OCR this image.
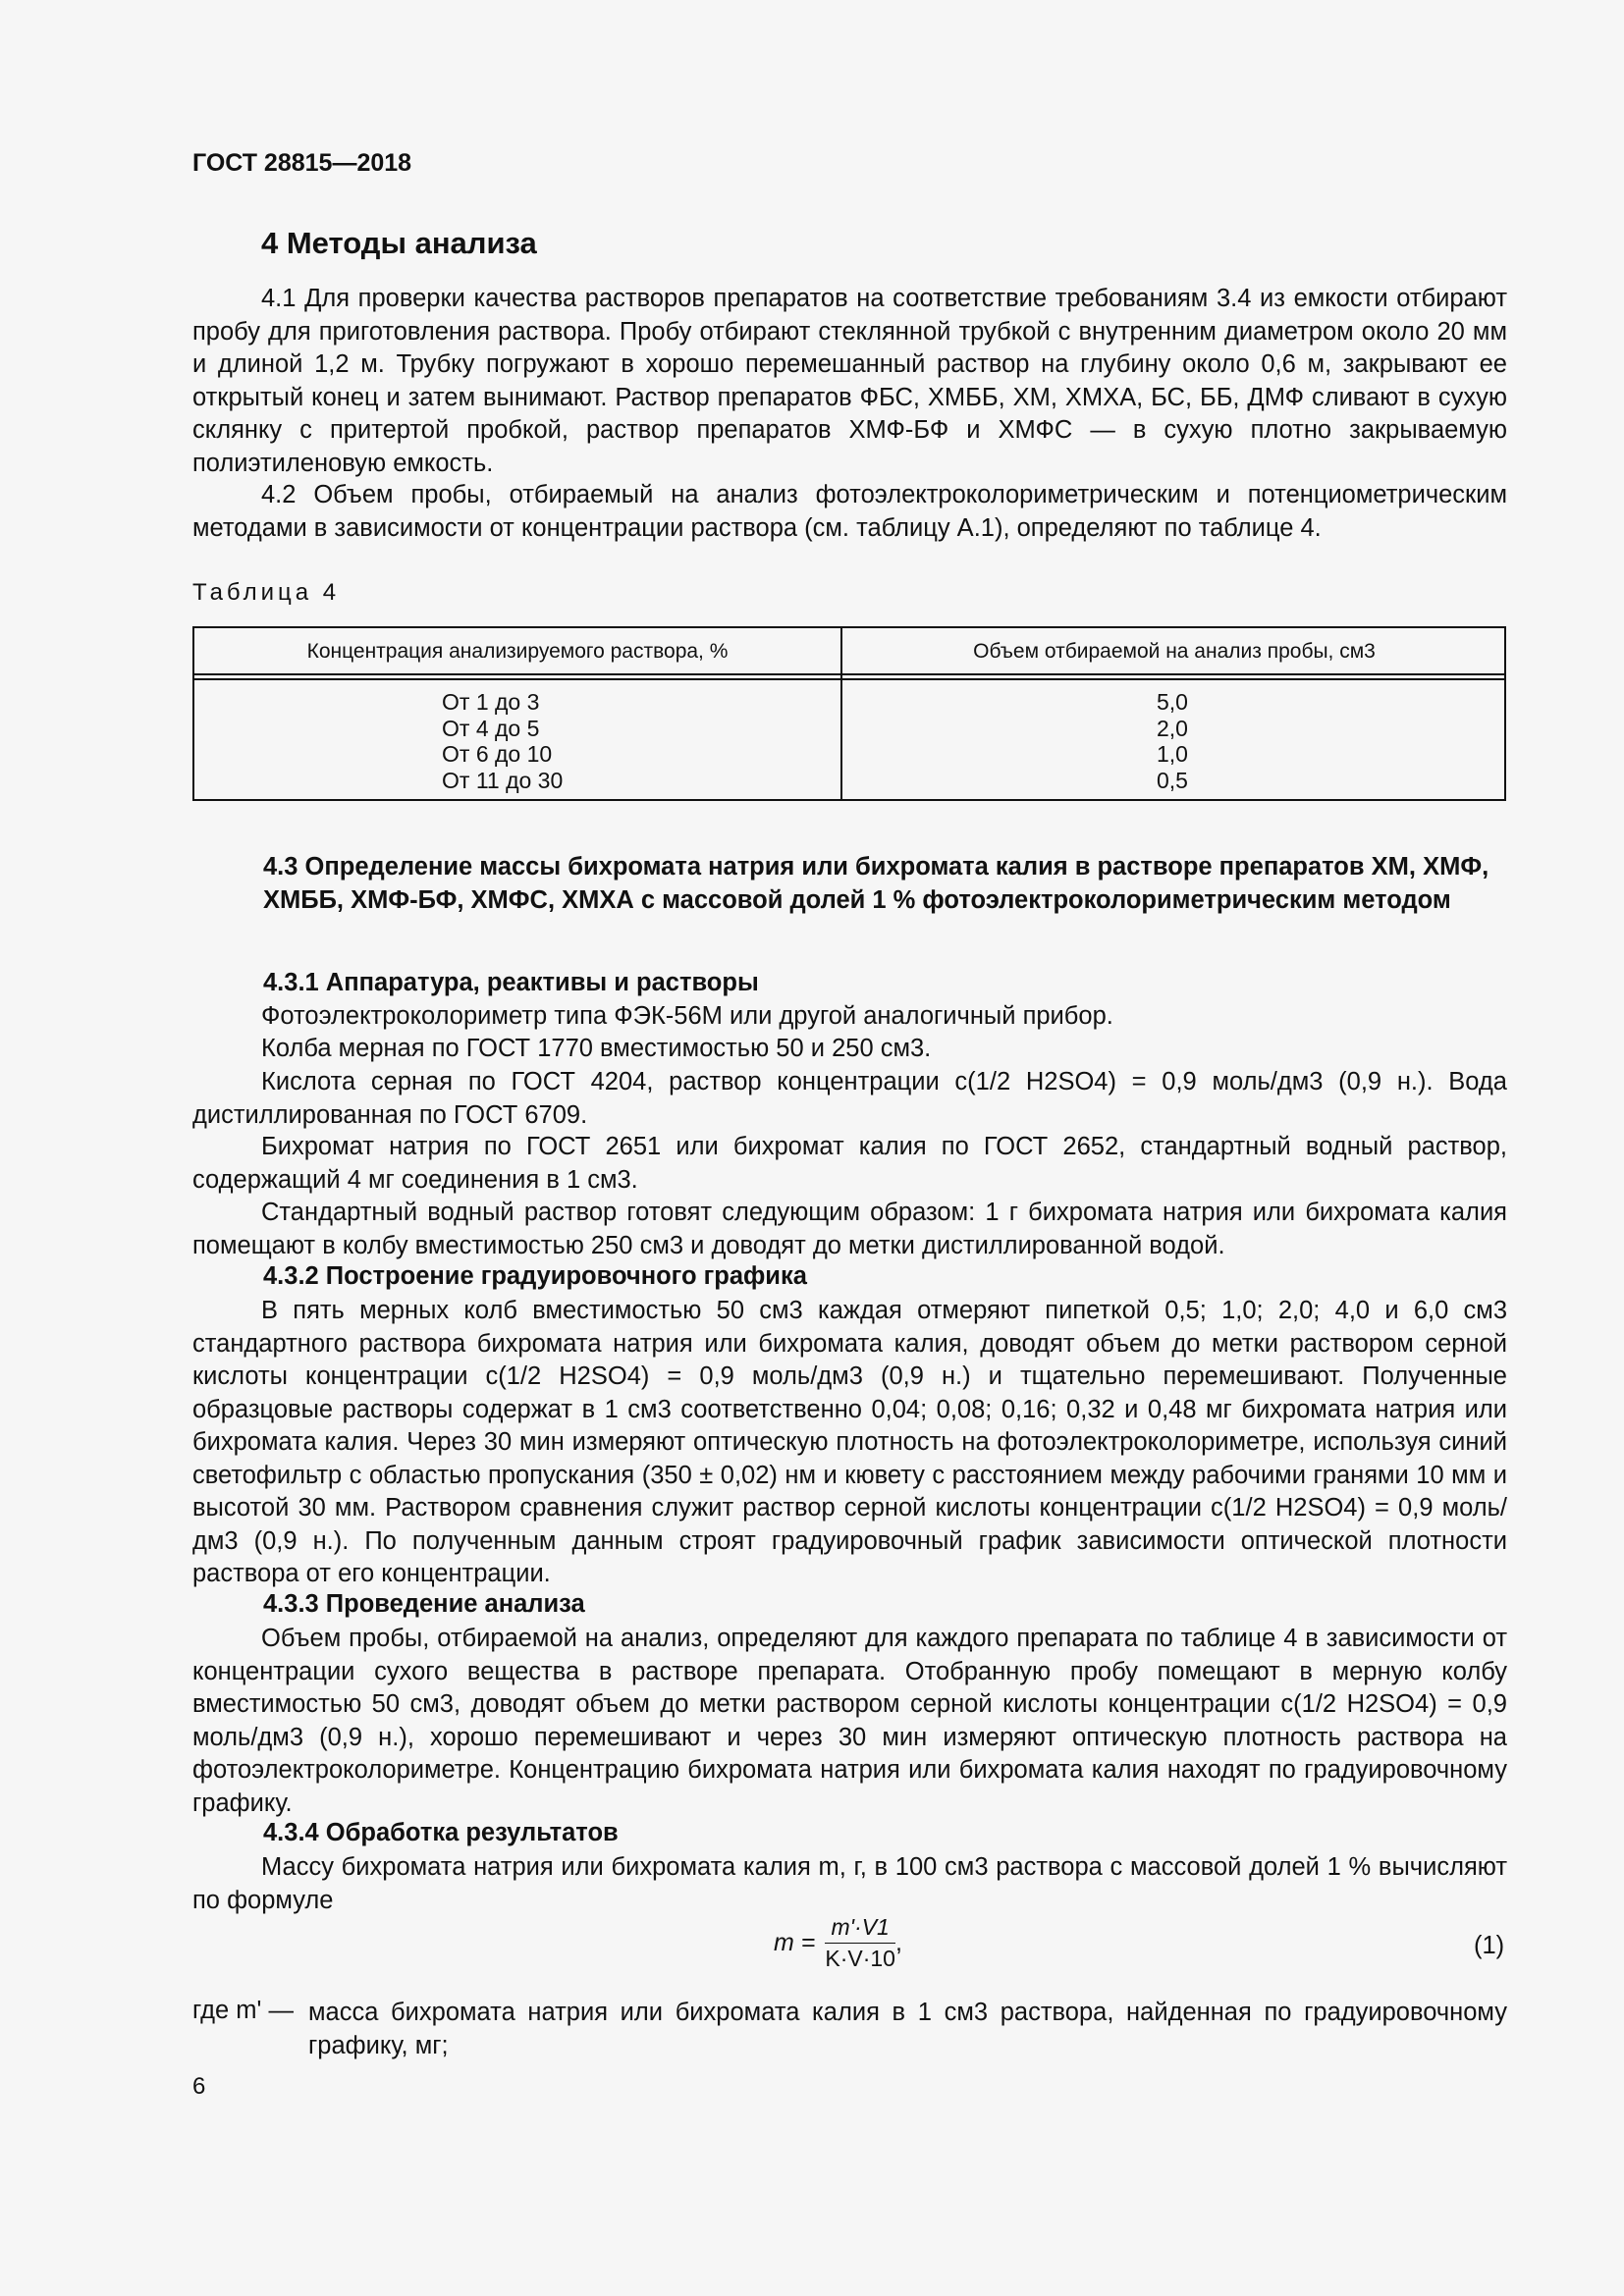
ГОСТ 28815—2018
4 Методы анализа
4.1 Для проверки качества растворов препаратов на соответствие требованиям 3.4 из емкости отбирают пробу для приготовления раствора. Пробу отбирают стеклянной трубкой с внутренним диаметром около 20 мм и длиной 1,2 м. Трубку погружают в хорошо перемешанный раствор на глубину около 0,6 м, закрывают ее открытый конец и затем вынимают. Раствор препаратов ФБС, ХМББ, ХМ, ХМХА, БС, ББ, ДМФ сливают в сухую склянку с притертой пробкой, раствор препаратов ХМФ-БФ и ХМФС — в сухую плотно закрываемую полиэтиленовую емкость.
4.2 Объем пробы, отбираемый на анализ фотоэлектроколориметрическим и потенциометрическим методами в зависимости от концентрации раствора (см. таблицу А.1), определяют по таблице 4.
Таблица 4
Концентрация анализируемого раствора, %	Объем отбираемой на анализ пробы, см3
От 1 до 3
От 4 до 5
От 6 до 10
От 11 до 30
5,0
2,0
1,0
0,5
4.3 Определение массы бихромата натрия или бихромата калия в растворе препаратов ХМ, ХМФ, ХМББ, ХМФ-БФ, ХМФС, ХМХА с массовой долей 1 % фотоэлектроколориметрическим методом
4.3.1 Аппаратура, реактивы и растворы
Фотоэлектроколориметр типа ФЭК-56М или другой аналогичный прибор.
Колба мерная по ГОСТ 1770 вместимостью 50 и 250 см3.
Кислота серная по ГОСТ 4204, раствор концентрации c(1/2 H2SO4) = 0,9 моль/дм3 (0,9 н.). Вода дистиллированная по ГОСТ 6709.
Бихромат натрия по ГОСТ 2651 или бихромат калия по ГОСТ 2652, стандартный водный раствор, содержащий 4 мг соединения в 1 см3.
Стандартный водный раствор готовят следующим образом: 1 г бихромата натрия или бихромата калия помещают в колбу вместимостью 250 см3 и доводят до метки дистиллированной водой.
4.3.2 Построение градуировочного графика
В пять мерных колб вместимостью 50 см3 каждая отмеряют пипеткой 0,5; 1,0; 2,0; 4,0 и 6,0 см3 стандартного раствора бихромата натрия или бихромата калия, доводят объем до метки раствором серной кислоты концентрации c(1/2 H2SO4) = 0,9 моль/дм3 (0,9 н.) и тщательно перемешивают. Полученные образцовые растворы содержат в 1 см3 соответственно 0,04; 0,08; 0,16; 0,32 и 0,48 мг бихромата натрия или бихромата калия. Через 30 мин измеряют оптическую плотность на фотоэлектроколориметре, используя синий светофильтр с областью пропускания (350 ± 0,02) нм и кювету с расстоянием между рабочими гранями 10 мм и высотой 30 мм. Раствором сравнения служит раствор серной кислоты концентрации c(1/2 H2SO4) = 0,9 моль/дм3 (0,9 н.). По полученным данным строят градуировочный график зависимости оптической плотности раствора от его концентрации.
4.3.3 Проведение анализа
Объем пробы, отбираемой на анализ, определяют для каждого препарата по таблице 4 в зависимости от концентрации сухого вещества в растворе препарата. Отобранную пробу помещают в мерную колбу вместимостью 50 см3, доводят объем до метки раствором серной кислоты концентрации c(1/2 H2SO4) = 0,9 моль/дм3 (0,9 н.), хорошо перемешивают и через 30 мин измеряют оптическую плотность раствора на фотоэлектроколориметре. Концентрацию бихромата натрия или бихромата калия находят по градуировочному графику.
4.3.4 Обработка результатов
Массу бихромата натрия или бихромата калия m, г, в 100 см3 раствора с массовой долей 1 % вычисляют по формуле
$m = \frac{m'\cdot V1}{K\cdot V\cdot 10}$ ,	(1)
где m' — масса бихромата натрия или бихромата калия в 1 см3 раствора, найденная по градуировочному графику, мг;
6
